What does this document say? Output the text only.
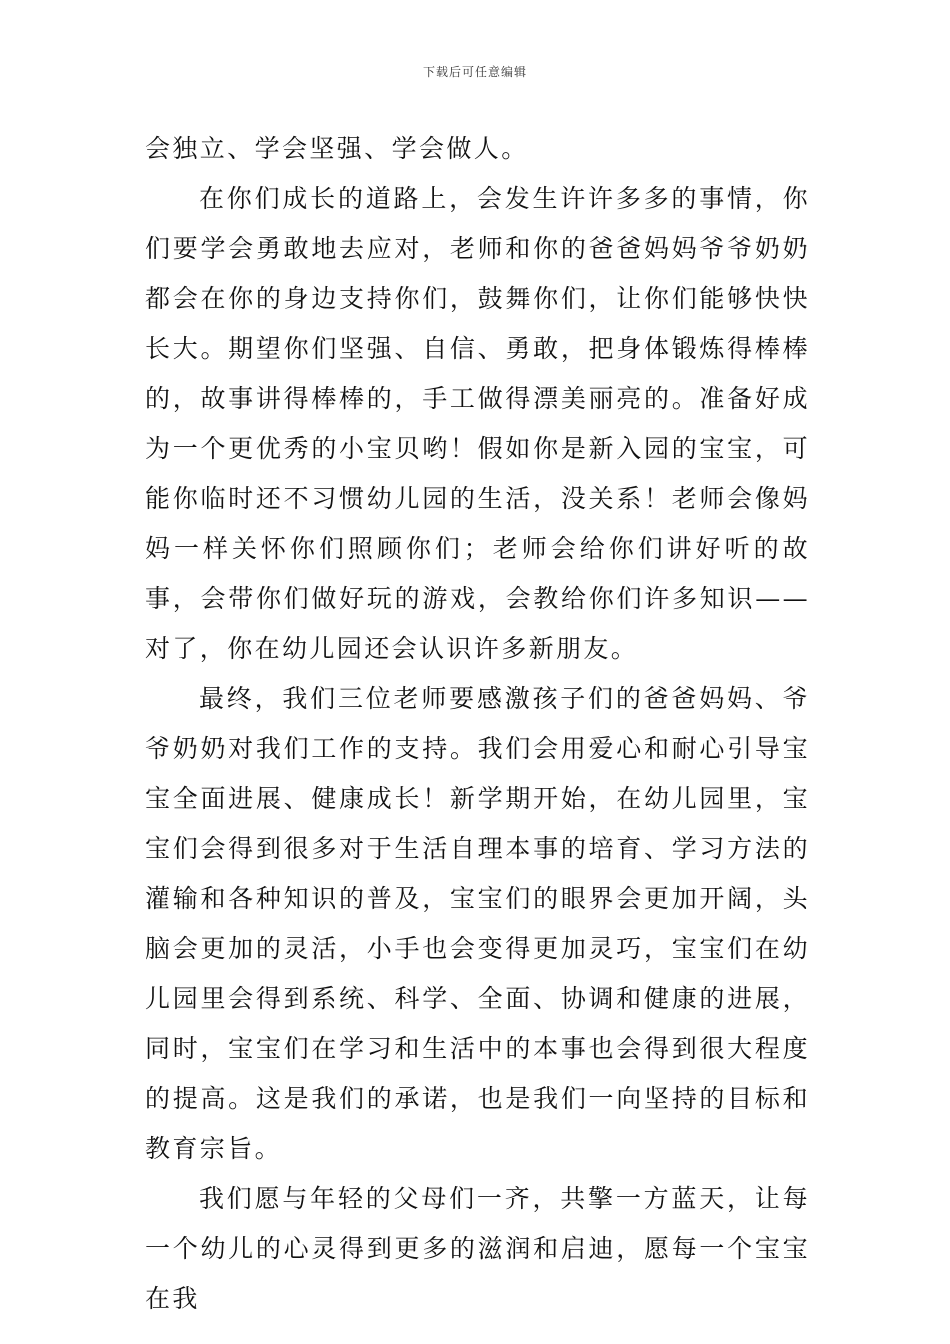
下载后可任意编辑

会独立、学会坚强、学会做人。

在你们成长的道路上，会发生许许多多的事情，你们要学会勇敢地去应对，老师和你的爸爸妈妈爷爷奶奶都会在你的身边支持你们，鼓舞你们，让你们能够快快长大。期望你们坚强、自信、勇敢，把身体锻炼得棒棒的，故事讲得棒棒的，手工做得漂美丽亮的。准备好成为一个更优秀的小宝贝哟！假如你是新入园的宝宝，可能你临时还不习惯幼儿园的生活，没关系！老师会像妈妈一样关怀你们照顾你们；老师会给你们讲好听的故事，会带你们做好玩的游戏，会教给你们许多知识——对了，你在幼儿园还会认识许多新朋友。

最终，我们三位老师要感激孩子们的爸爸妈妈、爷爷奶奶对我们工作的支持。我们会用爱心和耐心引导宝宝全面进展、健康成长！新学期开始，在幼儿园里，宝宝们会得到很多对于生活自理本事的培育、学习方法的灌输和各种知识的普及，宝宝们的眼界会更加开阔，头脑会更加的灵活，小手也会变得更加灵巧，宝宝们在幼儿园里会得到系统、科学、全面、协调和健康的进展，同时，宝宝们在学习和生活中的本事也会得到很大程度的提高。这是我们的承诺，也是我们一向坚持的目标和教育宗旨。

我们愿与年轻的父母们一齐，共擎一方蓝天，让每一个幼儿的心灵得到更多的滋润和启迪，愿每一个宝宝在我
